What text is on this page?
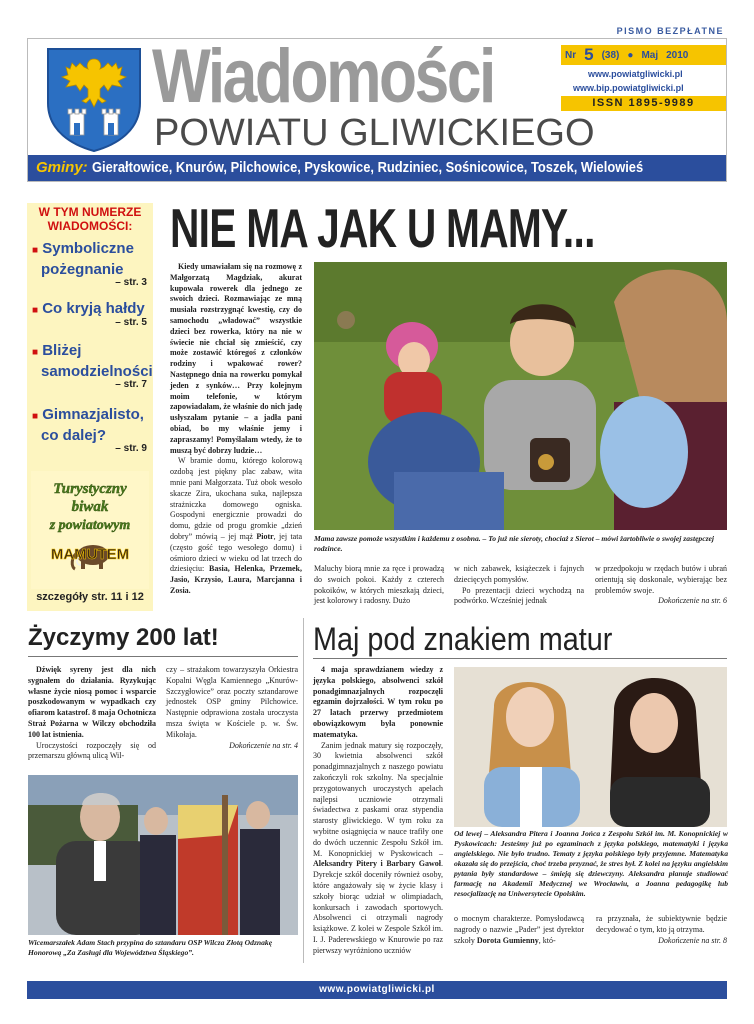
PISMO BEZPŁATNE
Wiadomości
POWIATU GLIWICKIEGO
Nr 5 (38) ● Maj 2010
www.powiatgliwicki.pl
www.bip.powiatgliwicki.pl
ISSN 1895-9989
Gminy: Gierałtowice, Knurów, Pilchowice, Pyskowice, Rudziniec, Sośnicowice, Toszek, Wielowieś
W TYM NUMERZE
WIADOMOŚCI:
■ Symboliczne
pożegnanie
– str. 3
■ Co kryją hałdy
– str. 5
■ Bliżej
samodzielności
– str. 7
■ Gimnazjalisto,
co dalej?
– str. 9
Turystyczny
biwak
z powiatowym
MAMUTEM
szczegóły str. 11 i 12
NIE MA JAK U MAMY...

Kiedy umawiałam się na rozmowę z Małgorzatą Magdziak, akurat kupowała rowerek dla jednego ze swoich dzieci. Rozmawiając ze mną musiała rozstrzygnąć kwestię, czy do samochodu „władować” wszystkie dzieci bez rowerka, który na nie w świecie nie chciał się zmieścić, czy może zostawić któregoś z członków rodziny i wpakować rower? Następnego dnia na rowerku pomykał jeden z synków… Przy kolejnym moim telefonie, w którym zapowiadałam, że właśnie do nich jadę usłyszałam pytanie – a jadła pani obiad, bo my właśnie jemy i zapraszamy! Pomyślałam wtedy, że to muszą być dobrzy ludzie…

W bramie domu, którego kolorową ozdobą jest piękny plac zabaw, wita mnie pani Małgorzata. Tuż obok wesoło skacze Zira, ukochana suka, najlepsza strażniczka domowego ogniska. Gospodyni energicznie prowadzi do domu, gdzie od progu gromkie „dzień dobry” mówią – jej mąż Piotr, jej tata (często gość tego wesołego domu) i ośmioro dzieci w wieku od lat trzech do dziesięciu: Basia, Helenka, Przemek, Jasio, Krzysio, Laura, Marcjanna i Zosia.

Mama zawsze pomoże wszystkim i każdemu z osobna. – To już nie sieroty, chociaż z Sierot – mówi żartobliwie o swojej zastępczej rodzince.

Maluchy biorą mnie za ręce i prowadzą do swoich pokoi. Każdy z czterech pokoików, w których mieszkają dzieci, jest kolorowy i radosny. Dużo

w nich zabawek, książeczek i fajnych dziecięcych pomysłów.

Po prezentacji dzieci wychodzą na podwórko. Wcześniej jednak

w przedpokoju w rzędach butów i ubrań orientują się doskonale, wybierając bez problemów swoje.

Dokończenie na str. 6

Życzymy 200 lat!	Maj pod znakiem matur

Dźwięk syreny jest dla nich sygnałem do działania. Ryzykując własne życie niosą pomoc i wsparcie poszkodowanym w wypadkach czy ofiarom katastrof. 8 maja Ochotnicza Straż Pożarna w Wilczy obchodziła 100 lat istnienia.

Uroczystości rozpoczęły się od przemarszu główną ulicą Wil-

czy – strażakom towarzyszyła Orkiestra Kopalni Węgla Kamiennego „Knurów-Szczygłowice” oraz poczty sztandarowe jednostek OSP gminy Pilchowice. Następnie odprawiona została uroczysta msza święta w Kościele p. w. Św. Mikołaja.

Dokończenie na str. 4

Wicemarszałek Adam Stach przypina do sztandaru OSP Wilcza Złotą Odznakę Honorową „Za Zasługi dla Województwa Śląskiego”.

4 maja sprawdzianem wiedzy z języka polskiego, absolwenci szkół ponadgimnazjalnych rozpoczęli egzamin dojrzałości. W tym roku po 27 latach przerwy przedmiotem obowiązkowym była ponownie matematyka.

Zanim jednak matury się rozpoczęły, 30 kwietnia absolwenci szkół ponadgimnazjalnych z naszego powiatu zakończyli rok szkolny. Na specjalnie przygotowanych uroczystych apelach najlepsi uczniowie otrzymali świadectwa z paskami oraz stypendia starosty gliwickiego. W tym roku za wybitne osiągnięcia w nauce trafiły one do dwóch uczennic Zespołu Szkół im. M. Konopnickiej w Pyskowicach – Aleksandry Pitery i Barbary Gawoł. Dyrekcje szkół doceniły również osoby, które angażowały się w życie klasy i szkoły biorąc udział w olimpiadach, konkursach i zawodach sportowych. Absolwenci ci otrzymali nagrody książkowe. Z kolei w Zespole Szkół im. I. J. Paderewskiego w Knurowie po raz pierwszy wyróżniono uczniów

Od lewej – Aleksandra Pitera i Joanna Jońca z Zespołu Szkół im. M. Konopnickiej w Pyskowicach: Jesteśmy już po egzaminach z języka polskiego, matematyki i języka angielskiego. Nie było trudno. Tematy z języka polskiego były przyjemne. Matematyka okazała się do przejścia, choć trzeba przyznać, że stres był. Z kolei na języku angielskim pytania były standardowe – śmieją się dziewczyny. Aleksandra planuje studiować farmację na Akademii Medycznej we Wrocławiu, a Joanna pedagogikę lub resocjalizację na Uniwersytecie Opolskim.

o mocnym charakterze. Pomysłodawcą nagrody o nazwie „Pader” jest dyrektor szkoły Dorota Gumienny, któ-

ra przyznała, że subiektywnie będzie decydować o tym, kto ją otrzyma.

Dokończenie na str. 8

www.powiatgliwicki.pl
